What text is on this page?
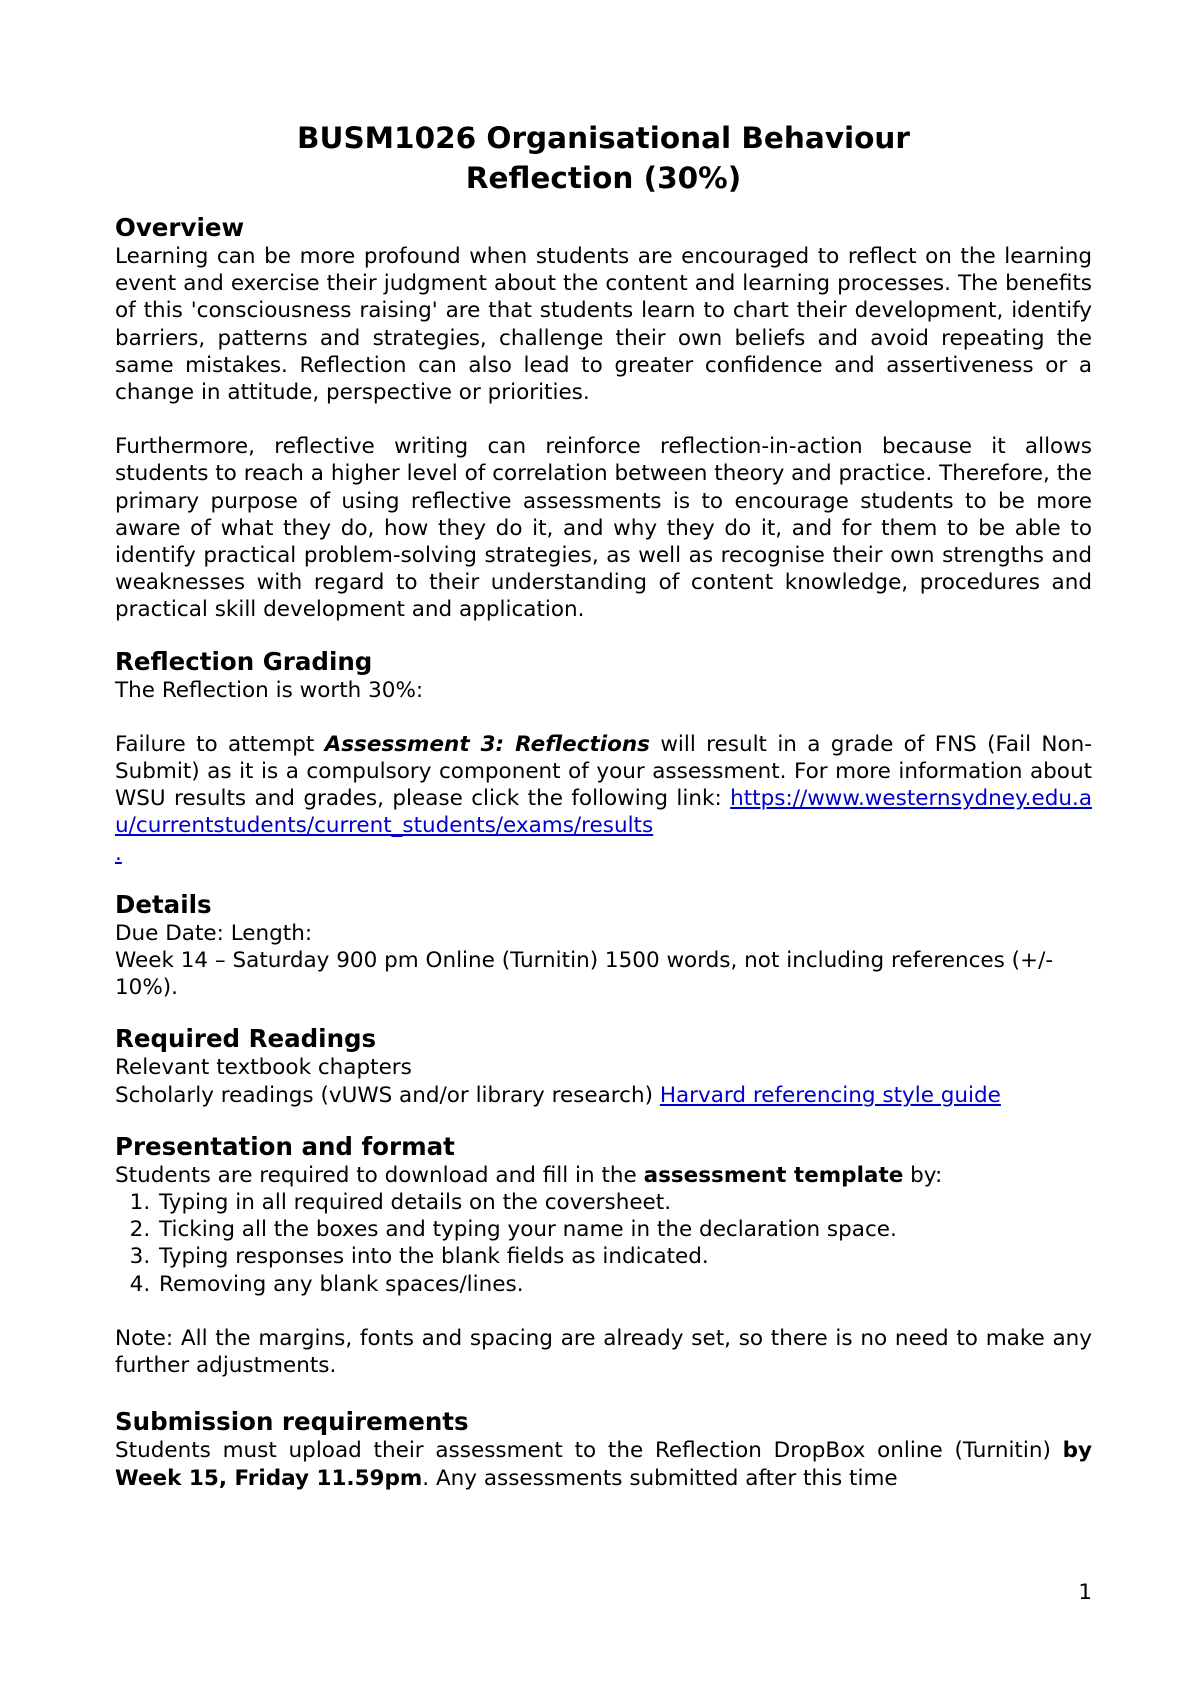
BUSM1026 Organisational Behaviour
Reflection (30%)
Overview

Learning can be more profound when students are encouraged to reflect on the learning event and exercise their judgment about the content and learning processes. The benefits of this 'consciousness raising' are that students learn to chart their development, identify barriers, patterns and strategies, challenge their own beliefs and avoid repeating the same mistakes. Reflection can also lead to greater confidence and assertiveness or a change in attitude, perspective or priorities.

Furthermore, reflective writing can reinforce reflection-in-action because it allows students to reach a higher level of correlation between theory and practice. Therefore, the primary purpose of using reflective assessments is to encourage students to be more aware of what they do, how they do it, and why they do it, and for them to be able to identify practical problem-solving strategies, as well as recognise their own strengths and weaknesses with regard to their understanding of content knowledge, procedures and practical skill development and application.

Reflection Grading

The Reflection is worth 30%:

Failure to attempt Assessment 3: Reflections will result in a grade of FNS (Fail Non-Submit) as it is a compulsory component of your assessment. For more information about WSU results and grades, please click the following link: https://www.westernsydney.edu.au/currentstudents/current_students/exams/results
.

Details

Due Date: Length:

Week 14 – Saturday 900 pm Online (Turnitin) 1500 words, not including references (+/- 10%).

Required Readings

Relevant textbook chapters

Scholarly readings (vUWS and/or library research) Harvard referencing style guide

Presentation and format

Students are required to download and fill in the assessment template by:

1. Typing in all required details on the coversheet.
2. Ticking all the boxes and typing your name in the declaration space.
3. Typing responses into the blank fields as indicated.
4. Removing any blank spaces/lines.

Note: All the margins, fonts and spacing are already set, so there is no need to make any further adjustments.

Submission requirements

Students must upload their assessment to the Reflection DropBox online (Turnitin) by Week 15, Friday 11.59pm. Any assessments submitted after this time

1
